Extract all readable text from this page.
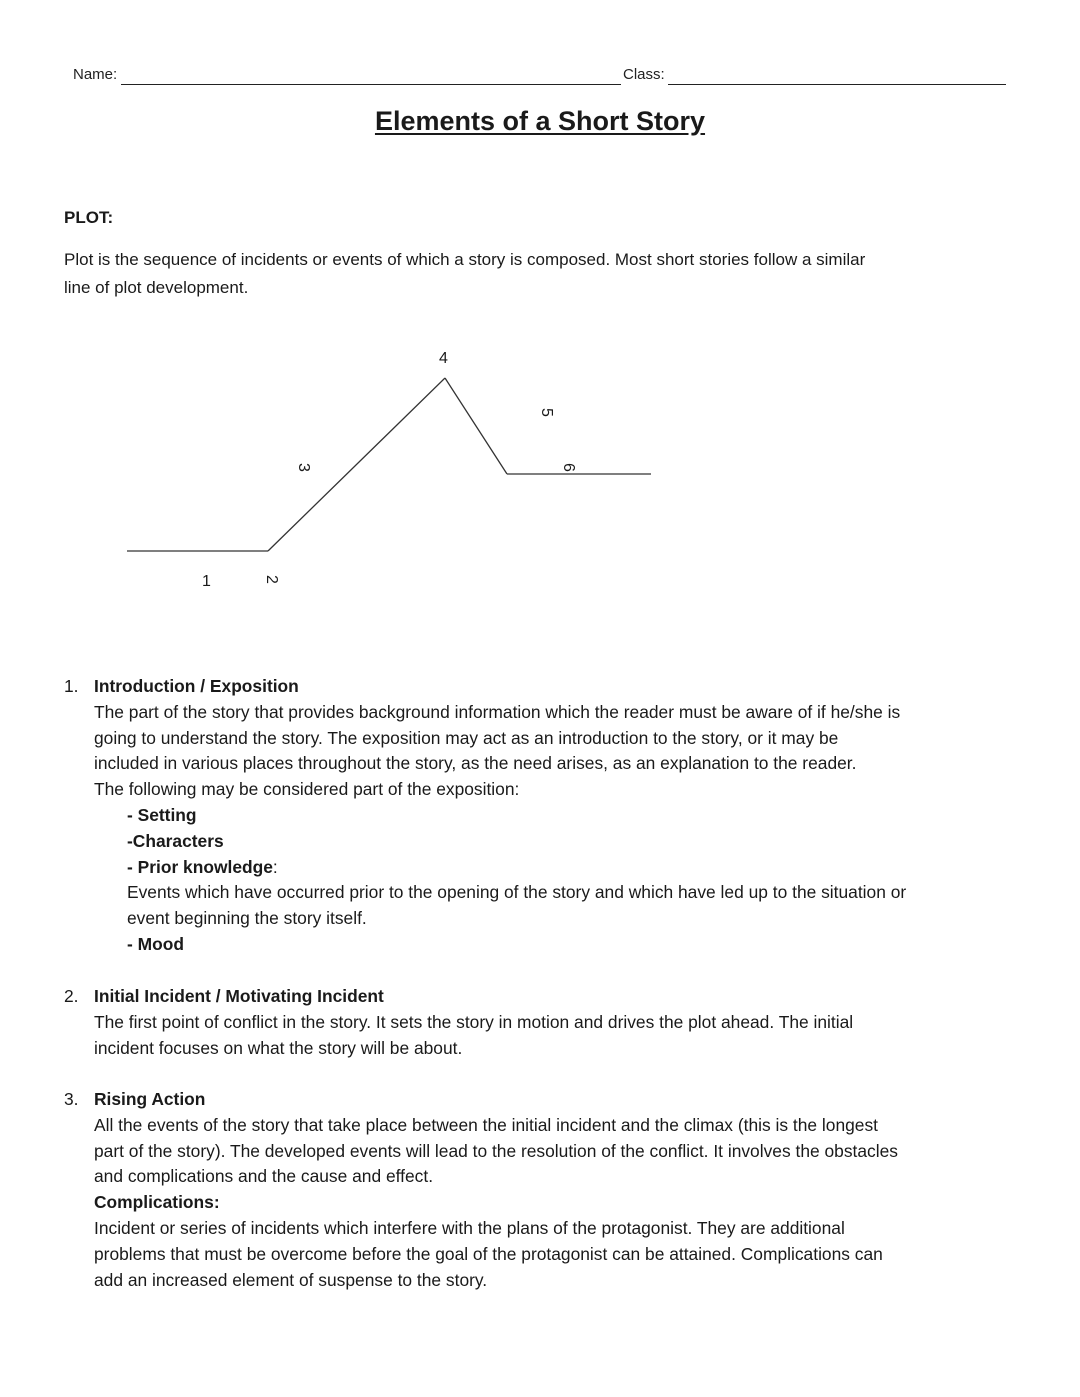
Name:	Class:
Elements of a Short Story
PLOT:
Plot is the sequence of incidents or events of which a story is composed. Most short stories follow a similar
line of plot development.
1	2
3
4
5
6
1. Introduction / Exposition
The part of the story that provides background information which the reader must be aware of if he/she is
going to understand the story. The exposition may act as an introduction to the story, or it may be
included in various places throughout the story, as the need arises, as an explanation to the reader.
The following may be considered part of the exposition:
- Setting
-Characters
- Prior knowledge:
Events which have occurred prior to the opening of the story and which have led up to the situation or
event beginning the story itself.
- Mood
2. Initial Incident / Motivating Incident
The first point of conflict in the story. It sets the story in motion and drives the plot ahead. The initial
incident focuses on what the story will be about.
3. Rising Action
All the events of the story that take place between the initial incident and the climax (this is the longest
part of the story). The developed events will lead to the resolution of the conflict. It involves the obstacles
and complications and the cause and effect.
Complications:
Incident or series of incidents which interfere with the plans of the protagonist. They are additional
problems that must be overcome before the goal of the protagonist can be attained. Complications can
add an increased element of suspense to the story.
